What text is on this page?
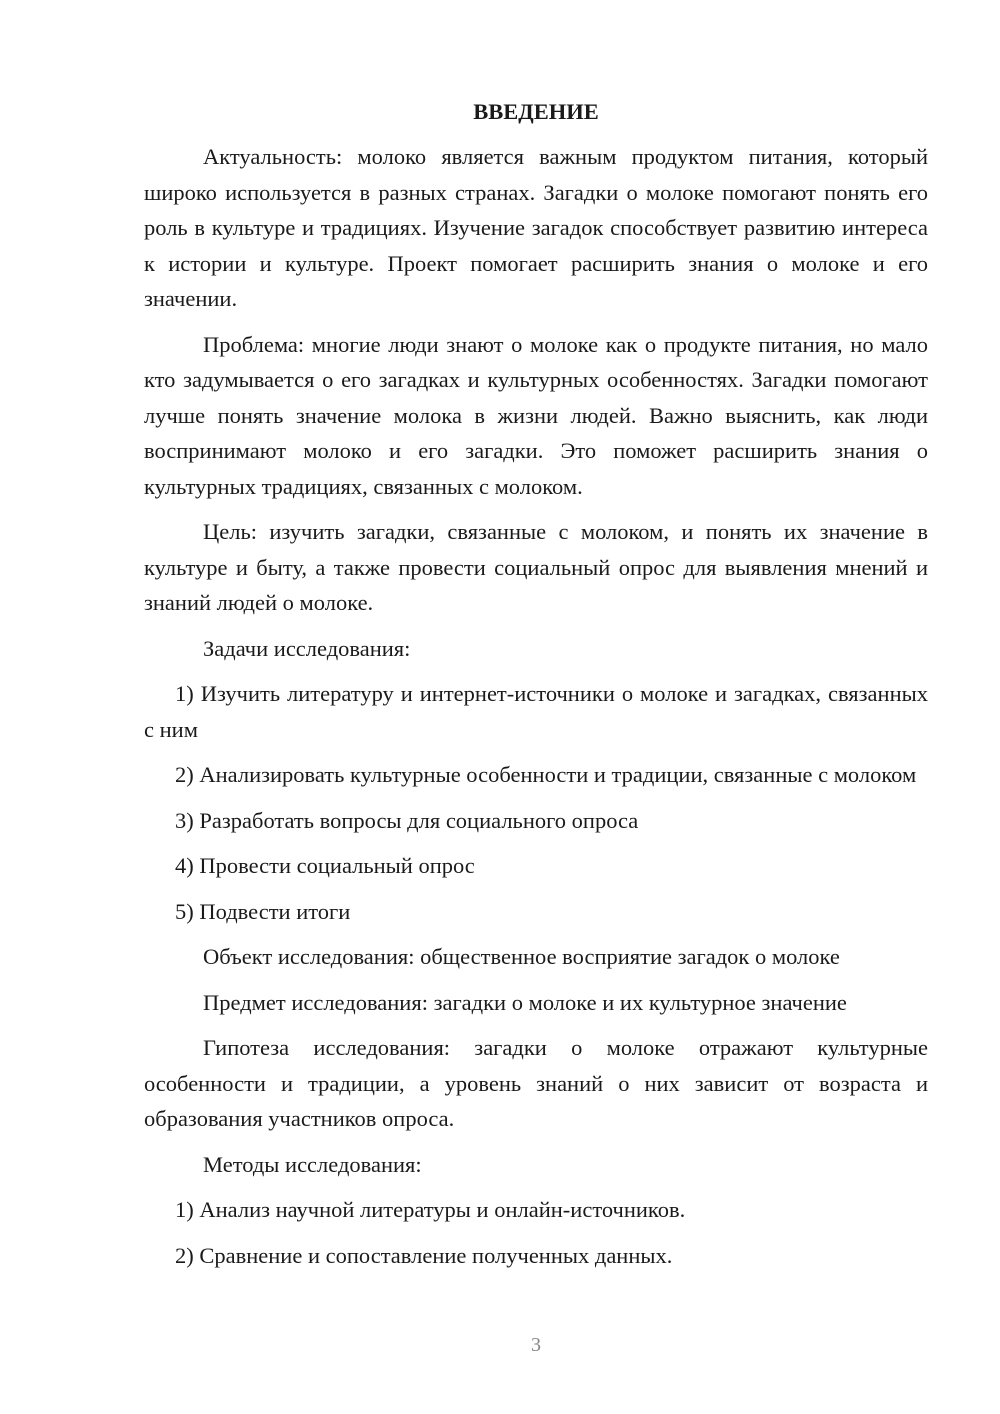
ВВЕДЕНИЕ

Актуальность: молоко является важным продуктом питания, который широко используется в разных странах. Загадки о молоке помогают понять его роль в культуре и традициях. Изучение загадок способствует развитию интереса к истории и культуре. Проект помогает расширить знания о молоке и его значении.

Проблема: многие люди знают о молоке как о продукте питания, но мало кто задумывается о его загадках и культурных особенностях. Загадки помогают лучше понять значение молока в жизни людей. Важно выяснить, как люди воспринимают молоко и его загадки. Это поможет расширить знания о культурных традициях, связанных с молоком.

Цель: изучить загадки, связанные с молоком, и понять их значение в культуре и быту, а также провести социальный опрос для выявления мнений и знаний людей о молоке.

Задачи исследования:

1) Изучить литературу и интернет-источники о молоке и загадках, связанных с ним

2) Анализировать культурные особенности и традиции, связанные с молоком

3) Разработать вопросы для социального опроса

4) Провести социальный опрос

5) Подвести итоги

Объект исследования: общественное восприятие загадок о молоке

Предмет исследования: загадки о молоке и их культурное значение

Гипотеза исследования: загадки о молоке отражают культурные особенности и традиции, а уровень знаний о них зависит от возраста и образования участников опроса.

Методы исследования:

1) Анализ научной литературы и онлайн-источников.

2) Сравнение и сопоставление полученных данных.

3
